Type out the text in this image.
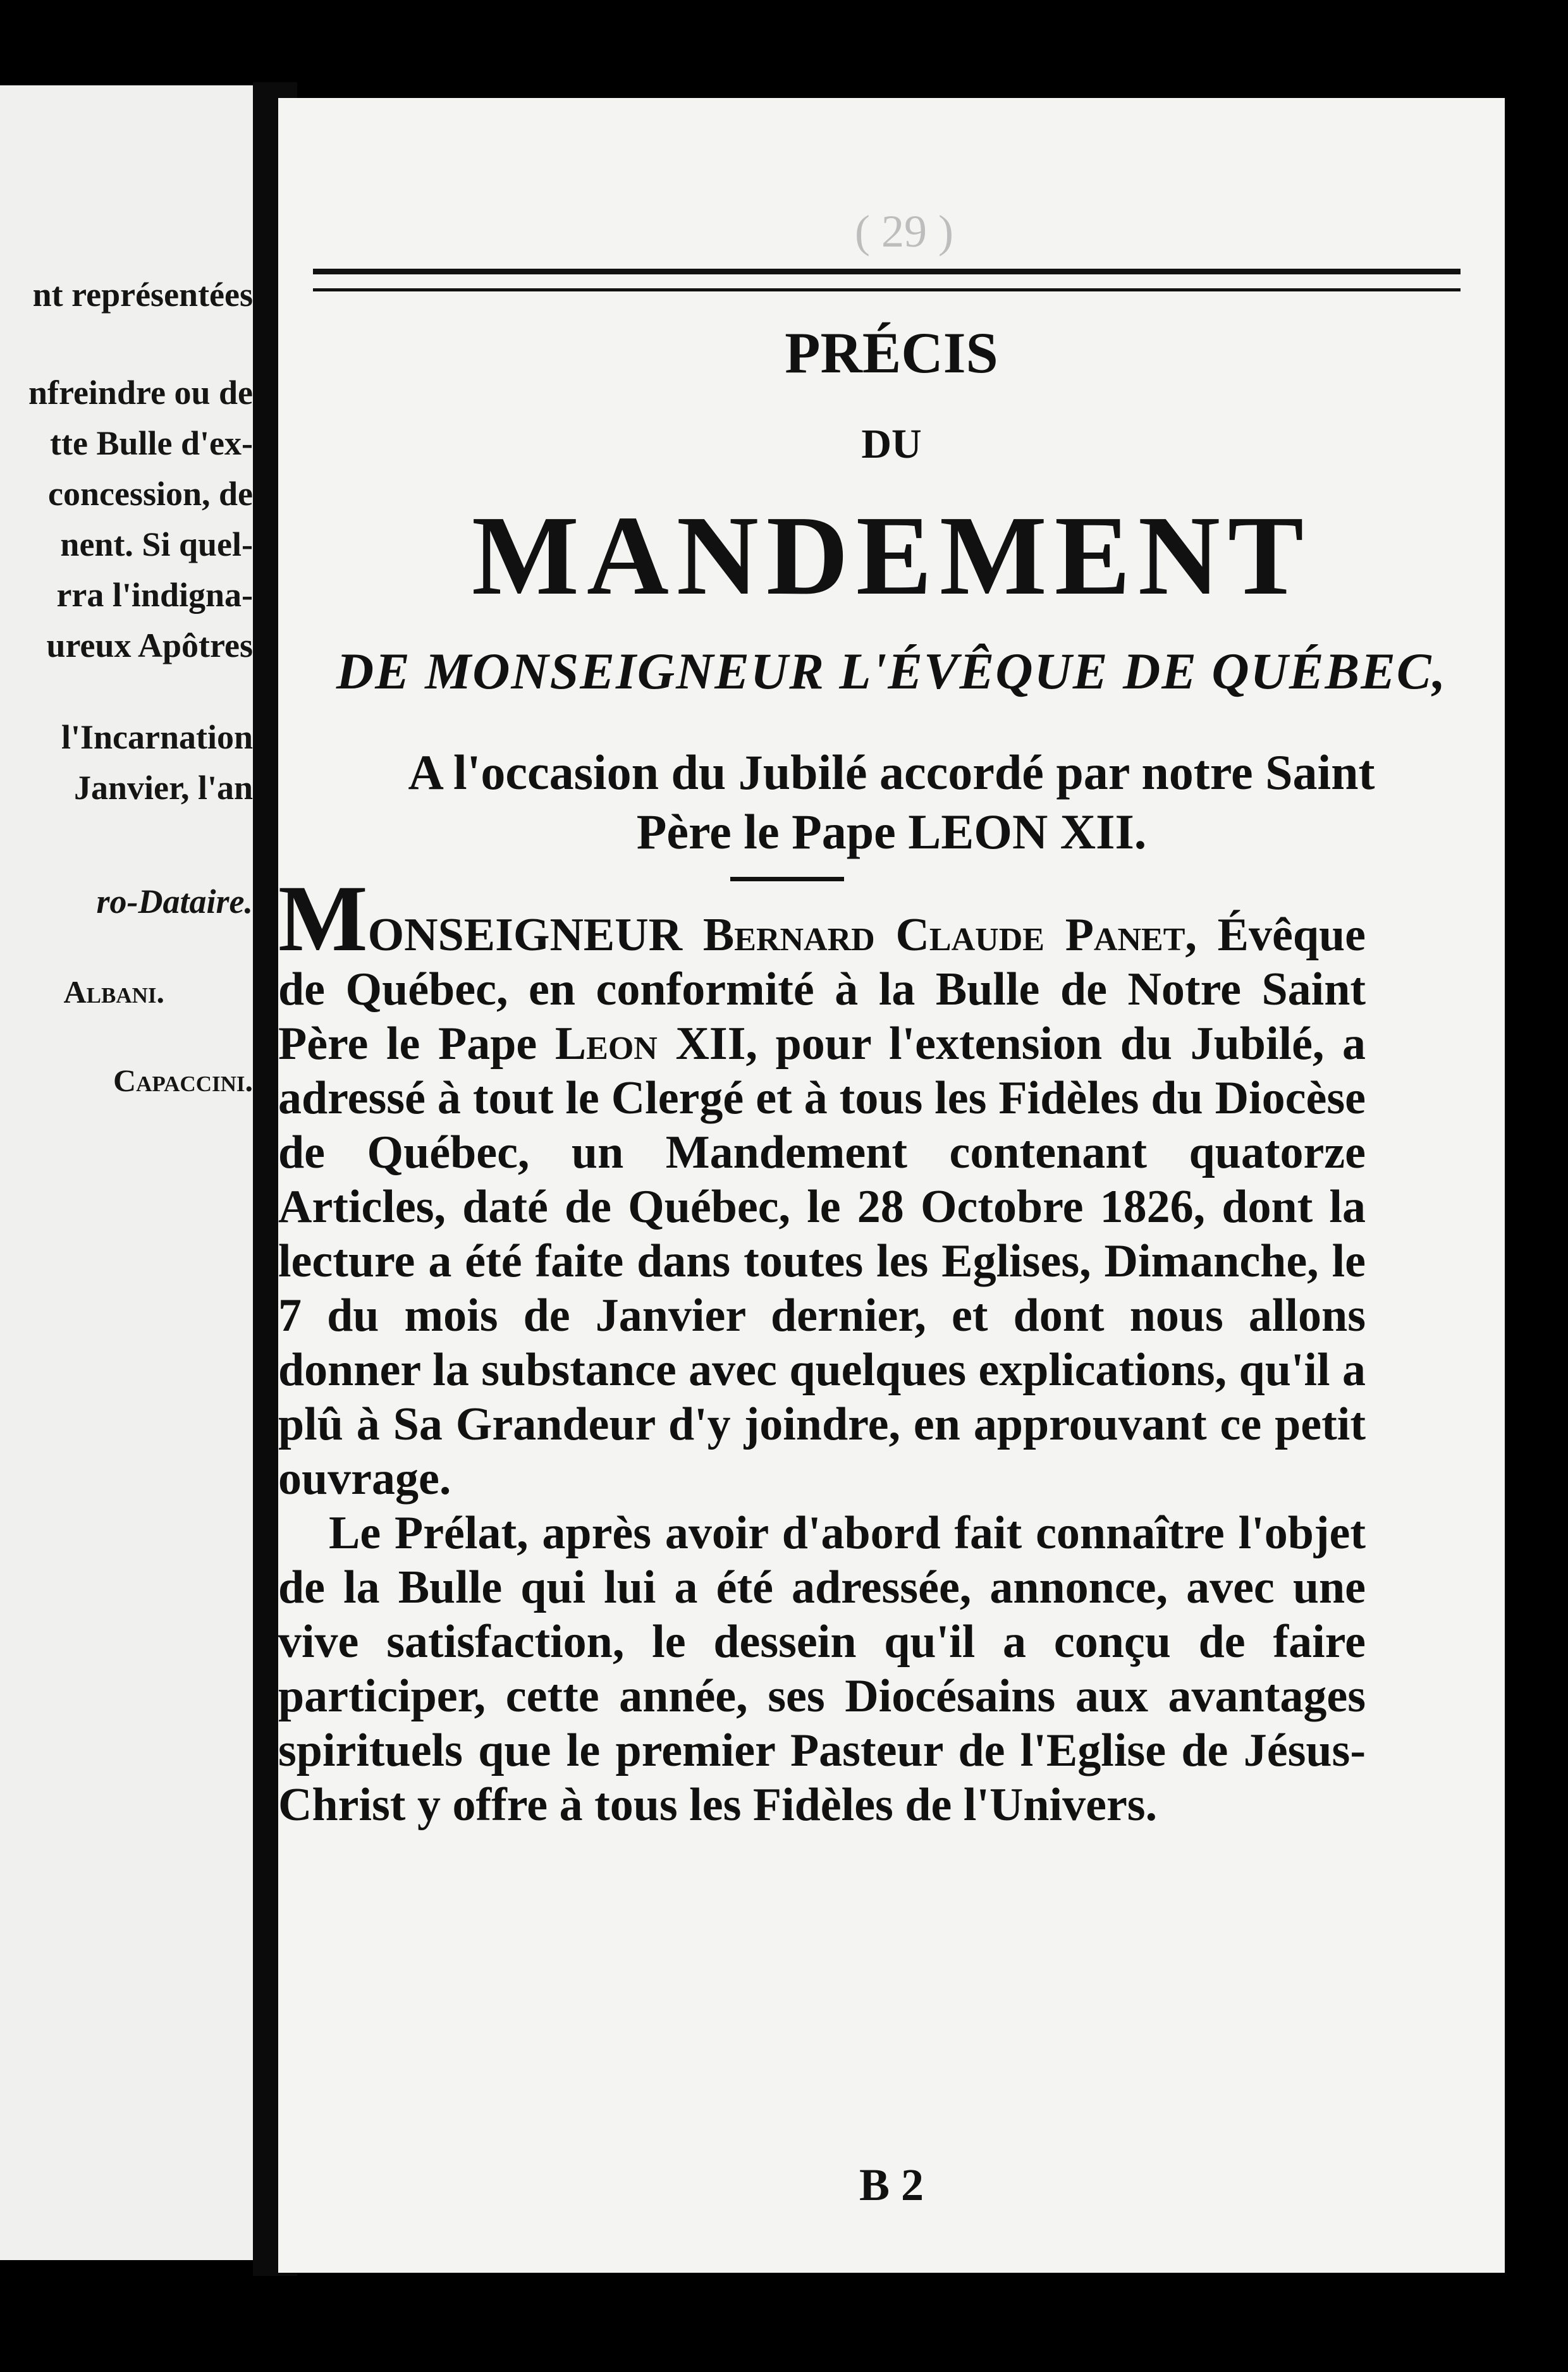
nt représentées

nfreindre ou de

tte Bulle d'ex-

concession, de

nent. Si quel-

rra l'indigna-

ureux Apôtres

l'Incarnation

Janvier, l'an

ro-Dataire.

Albani.

Capaccini.

( 29 )
PRÉCIS
DU
MANDEMENT
DE MONSEIGNEUR L'ÉVÊQUE DE QUÉBEC,
A l'occasion du Jubilé accordé par notre Saint
Père le Pape LEON XII.

MONSEIGNEUR Bernard Claude Panet, Évêque de Québec, en conformité à la Bulle de Notre Saint Père le Pape Leon XII, pour l'extension du Jubilé, a adressé à tout le Clergé et à tous les Fidèles du Diocèse de Québec, un Mandement contenant quatorze Articles, daté de Québec, le 28 Octobre 1826, dont la lecture a été faite dans toutes les Eglises, Dimanche, le 7 du mois de Janvier dernier, et dont nous allons donner la substance avec quelques explications, qu'il a plû à Sa Grandeur d'y joindre, en approuvant ce petit ouvrage.

Le Prélat, après avoir d'abord fait connaître l'objet de la Bulle qui lui a été adressée, annonce, avec une vive satisfaction, le dessein qu'il a conçu de faire participer, cette année, ses Diocésains aux avantages spirituels que le premier Pasteur de l'Eglise de Jésus-Christ y offre à tous les Fidèles de l'Univers.

B 2
